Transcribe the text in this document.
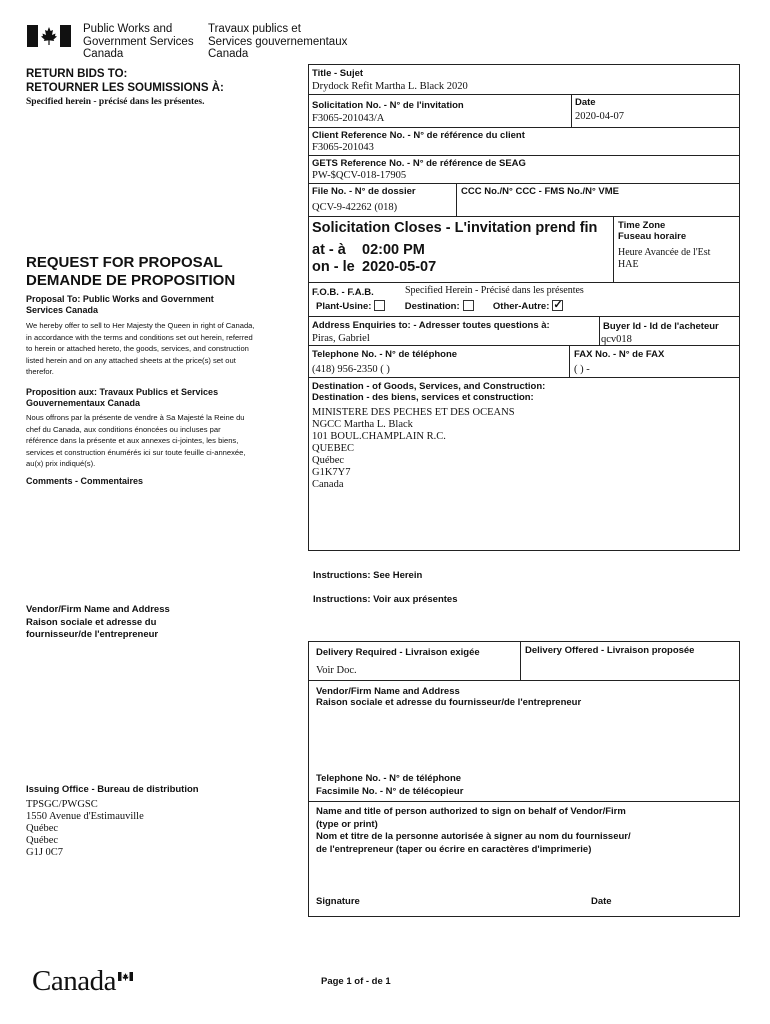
Public Works and
Government Services
Canada
Travaux publics et
Services gouvernementaux
Canada
RETURN BIDS TO:
RETOURNER LES SOUMISSIONS À:
Specified herein - précisé dans les présentes.
REQUEST FOR PROPOSAL
DEMANDE DE PROPOSITION
Proposal To: Public Works and Government Services Canada
We hereby offer to sell to Her Majesty the Queen in right of Canada, in accordance with the terms and conditions set out herein, referred to herein or attached hereto, the goods, services, and construction listed herein and on any attached sheets at the price(s) set out therefor.
Proposition aux: Travaux Publics et Services Gouvernementaux Canada
Nous offrons par la présente de vendre à Sa Majesté la Reine du chef du Canada, aux conditions énoncées ou incluses par référence dans la présente et aux annexes ci-jointes, les biens, services et construction énumérés ici sur toute feuille ci-annexée, au(x) prix indiqué(s).
Comments - Commentaires
Vendor/Firm Name and Address
Raison sociale et adresse du
fournisseur/de l'entrepreneur
Issuing Office - Bureau de distribution
TPSGC/PWGSC
1550 Avenue d'Estimauville
Québec
Québec
G1J 0C7
Title - Sujet
Drydock Refit Martha L. Black 2020
Solicitation No. - N° de l'invitation
F3065-201043/A
Date
2020-04-07
Client Reference No. - N° de référence du client
F3065-201043
GETS Reference No. - N° de référence de SEAG
PW-$QCV-018-17905
File No. - N° de dossier
QCV-9-42262 (018)
CCC No./N° CCC - FMS No./N° VME
Solicitation Closes - L'invitation prend fin
at - à 02:00 PM
on - le 2020-05-07
Time Zone
Fuseau horaire
Heure Avancée de l'Est
HAE
F.O.B. - F.A.B.	Specified Herein - Précisé dans les présentes
Plant-Usine:	Destination:	Other-Autre: ✓
Address Enquiries to: - Adresser toutes questions à:
Piras, Gabriel
Buyer Id - Id de l'acheteur
qcv018
Telephone No. - N° de téléphone
(418) 956-2350 ( )
FAX No. - N° de FAX
( ) -
Destination - of Goods, Services, and Construction:
Destination - des biens, services et construction:
MINISTERE DES PECHES ET DES OCEANS
NGCC Martha L. Black
101 BOUL.CHAMPLAIN R.C.
QUEBEC
Québec
G1K7Y7
Canada
Instructions: See Herein
Instructions: Voir aux présentes
Delivery Required - Livraison exigée
Voir Doc.
Delivery Offered - Livraison proposée
Vendor/Firm Name and Address
Raison sociale et adresse du fournisseur/de l'entrepreneur
Telephone No. - N° de téléphone
Facsimile No. - N° de télécopieur
Name and title of person authorized to sign on behalf of Vendor/Firm
(type or print)
Nom et titre de la personne autorisée à signer au nom du fournisseur/
de l'entrepreneur (taper ou écrire en caractères d'imprimerie)
Signature	Date
Canada	Page 1 of - de 1
